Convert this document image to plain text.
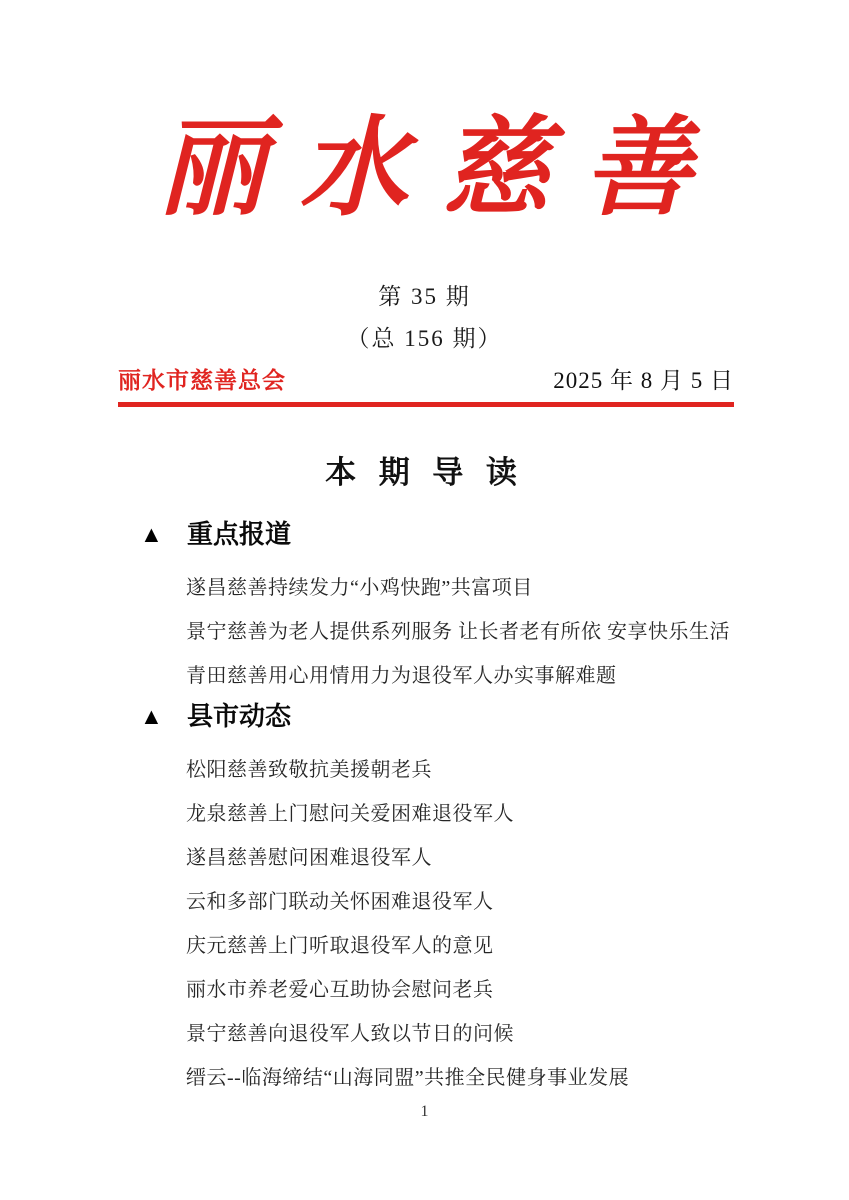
丽水慈善
第 35 期
（总 156 期）
丽水市慈善总会	2025 年 8 月 5 日
本 期 导 读
▲ 重点报道
遂昌慈善持续发力“小鸡快跑”共富项目
景宁慈善为老人提供系列服务 让长者老有所依 安享快乐生活
青田慈善用心用情用力为退役军人办实事解难题
▲ 县市动态
松阳慈善致敬抗美援朝老兵
龙泉慈善上门慰问关爱困难退役军人
遂昌慈善慰问困难退役军人
云和多部门联动关怀困难退役军人
庆元慈善上门听取退役军人的意见
丽水市养老爱心互助协会慰问老兵
景宁慈善向退役军人致以节日的问候
缙云--临海缔结“山海同盟”共推全民健身事业发展
1
